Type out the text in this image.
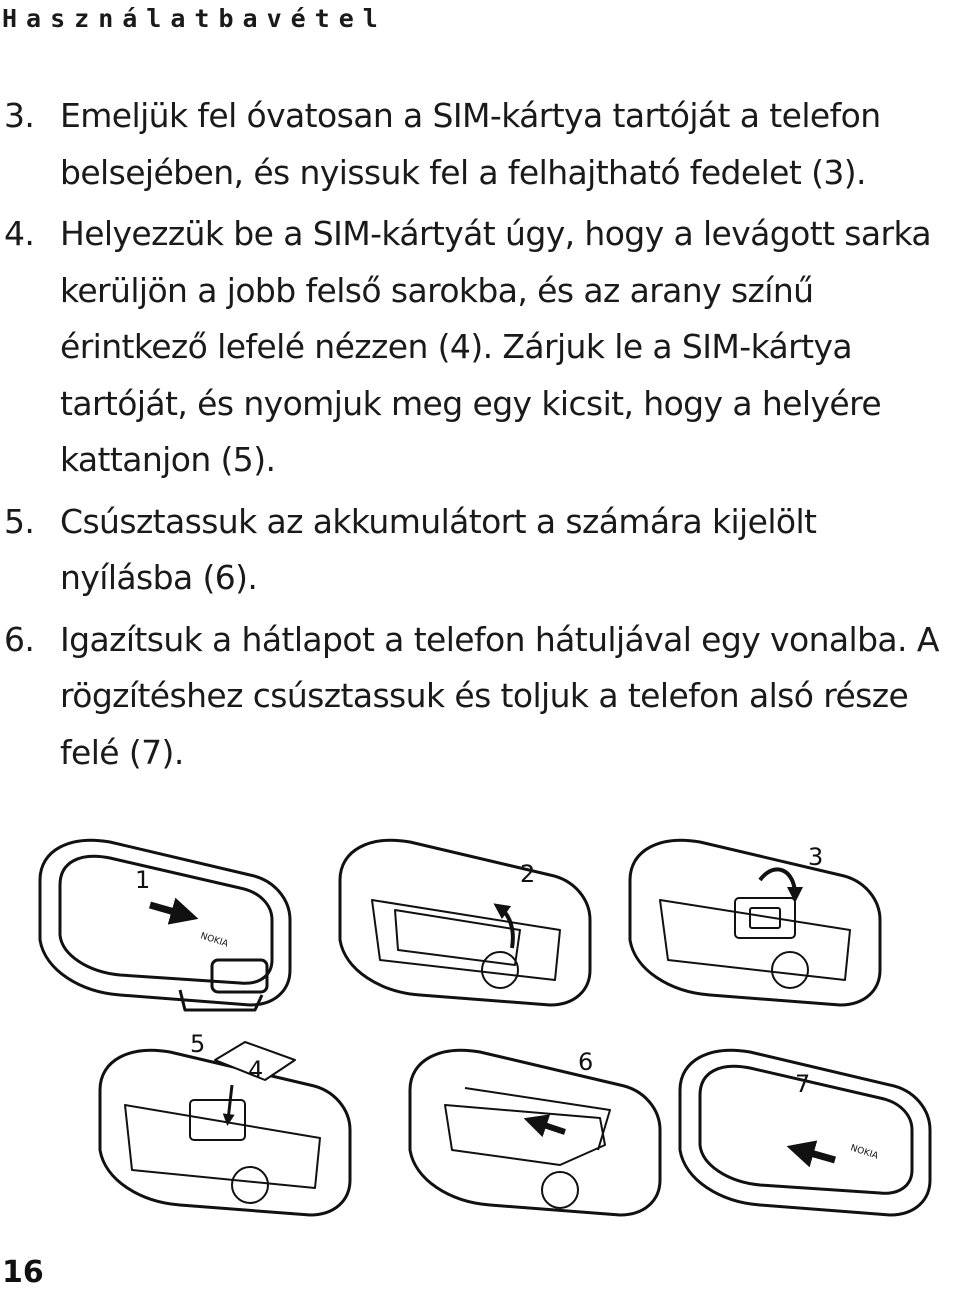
Használatbavétel
3. Emeljük fel óvatosan a SIM-kártya tartóját a telefon belsejében, és nyissuk fel a felhajtható fedelet (3).
4. Helyezzük be a SIM-kártyát úgy, hogy a levágott sarka kerüljön a jobb felső sarokba, és az arany színű érintkező lefelé nézzen (4). Zárjuk le a SIM-kártya tartóját, és nyomjuk meg egy kicsit, hogy a helyére kattanjon (5).
5. Csúsztassuk az akkumulátort a számára kijelölt nyílásba (6).
6. Igazítsuk a hátlapot a telefon hátuljával egy vonalba. A rögzítéshez csúsztassuk és toljuk a telefon alsó része felé (7).
NOKIA
1	2
3
5
4	6
NOKIA
7
16
